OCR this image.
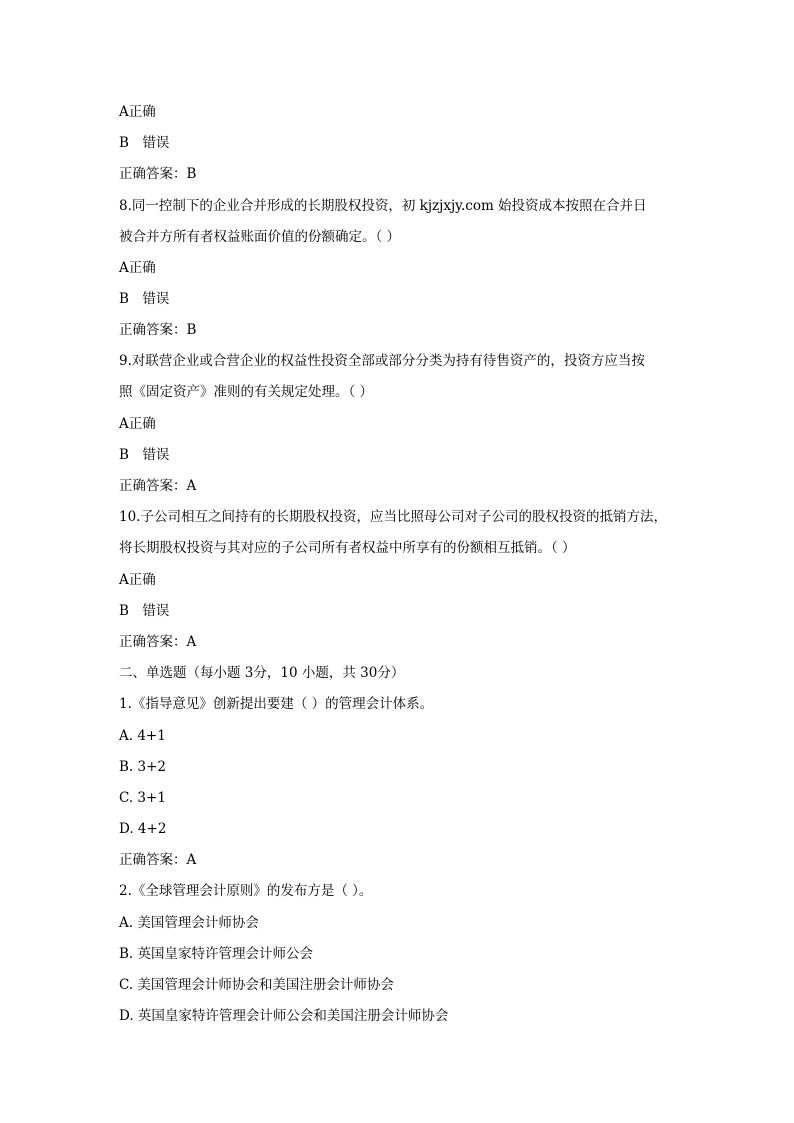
A正确
B　错误
正确答案：B
8.同一控制下的企业合并形成的长期股权投资，初 kjzjxjy.com 始投资成本按照在合并日
被合并方所有者权益账面价值的份额确定。（ ）
A正确
B　错误
正确答案：B
9.对联营企业或合营企业的权益性投资全部或部分分类为持有待售资产的，投资方应当按
照《固定资产》准则的有关规定处理。（ ）
A正确
B　错误
正确答案：A
10.子公司相互之间持有的长期股权投资，应当比照母公司对子公司的股权投资的抵销方法，
将长期股权投资与其对应的子公司所有者权益中所享有的份额相互抵销。（ ）
A正确
B　错误
正确答案：A
二、单选题（每小题 3分，10 小题，共 30分）
1.《指导意见》创新提出要建（ ）的管理会计体系。
A. 4+1
B. 3+2
C. 3+1
D. 4+2
正确答案：A
2.《全球管理会计原则》的发布方是（ ）。
A. 美国管理会计师协会
B. 英国皇家特许管理会计师公会
C. 美国管理会计师协会和美国注册会计师协会
D. 英国皇家特许管理会计师公会和美国注册会计师协会
